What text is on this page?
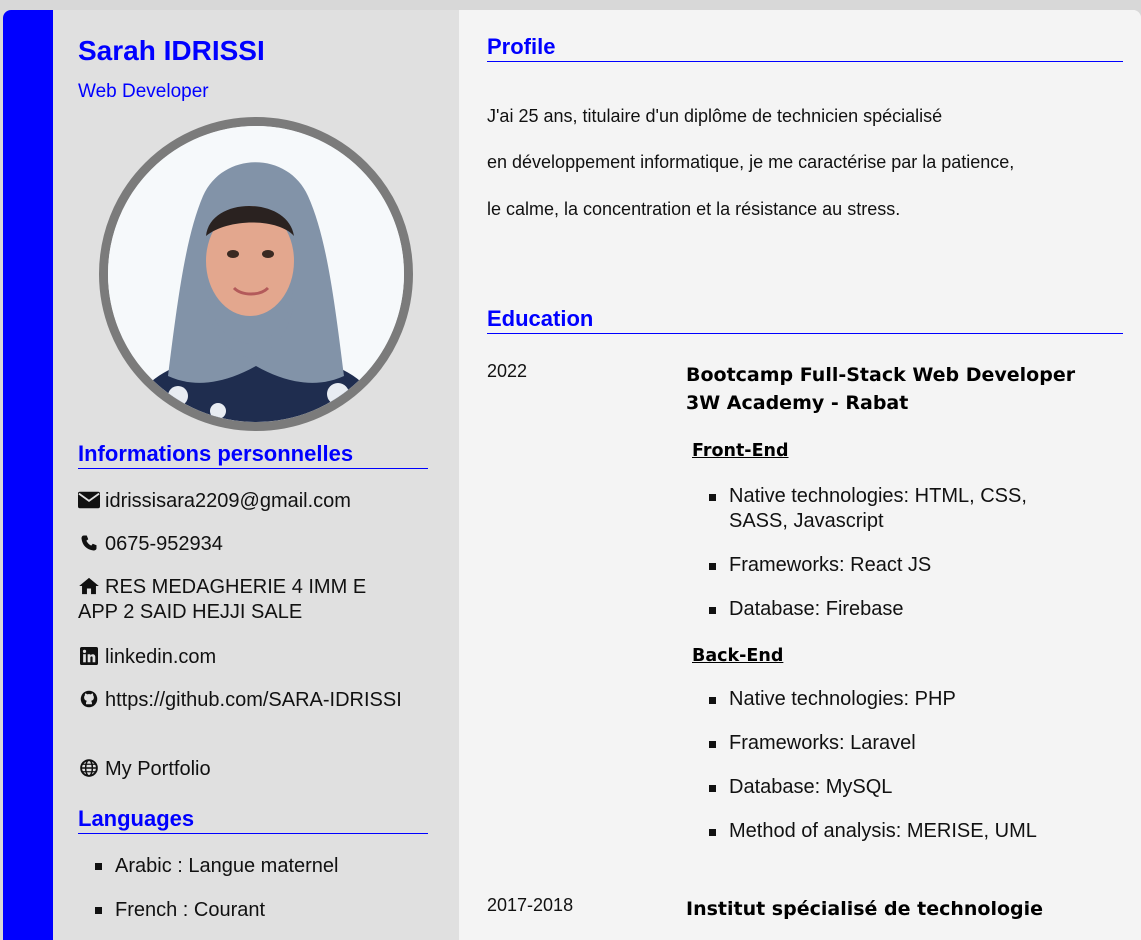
Sarah IDRISSI
Web Developer
Informations personnelles
idrissisara2209@gmail.com
0675-952934
RES MEDAGHERIE 4 IMM E APP 2 SAID HEJJI SALE
linkedin.com
https://github.com/SARA-IDRISSI
My Portfolio
Languages
Arabic : Langue maternel
French : Courant
Profile
J'ai 25 ans, titulaire d'un diplôme de technicien spécialisé
en développement informatique, je me caractérise par la patience,
le calme, la concentration et la résistance au stress.
Education
2022	Bootcamp Full-Stack Web Developer 3W Academy - Rabat
Front-End
Native technologies: HTML, CSS, SASS, Javascript
Frameworks: React JS
Database: Firebase
Back-End
Native technologies: PHP
Frameworks: Laravel
Database: MySQL
Method of analysis: MERISE, UML
2017-2018	Institut spécialisé de technologie
